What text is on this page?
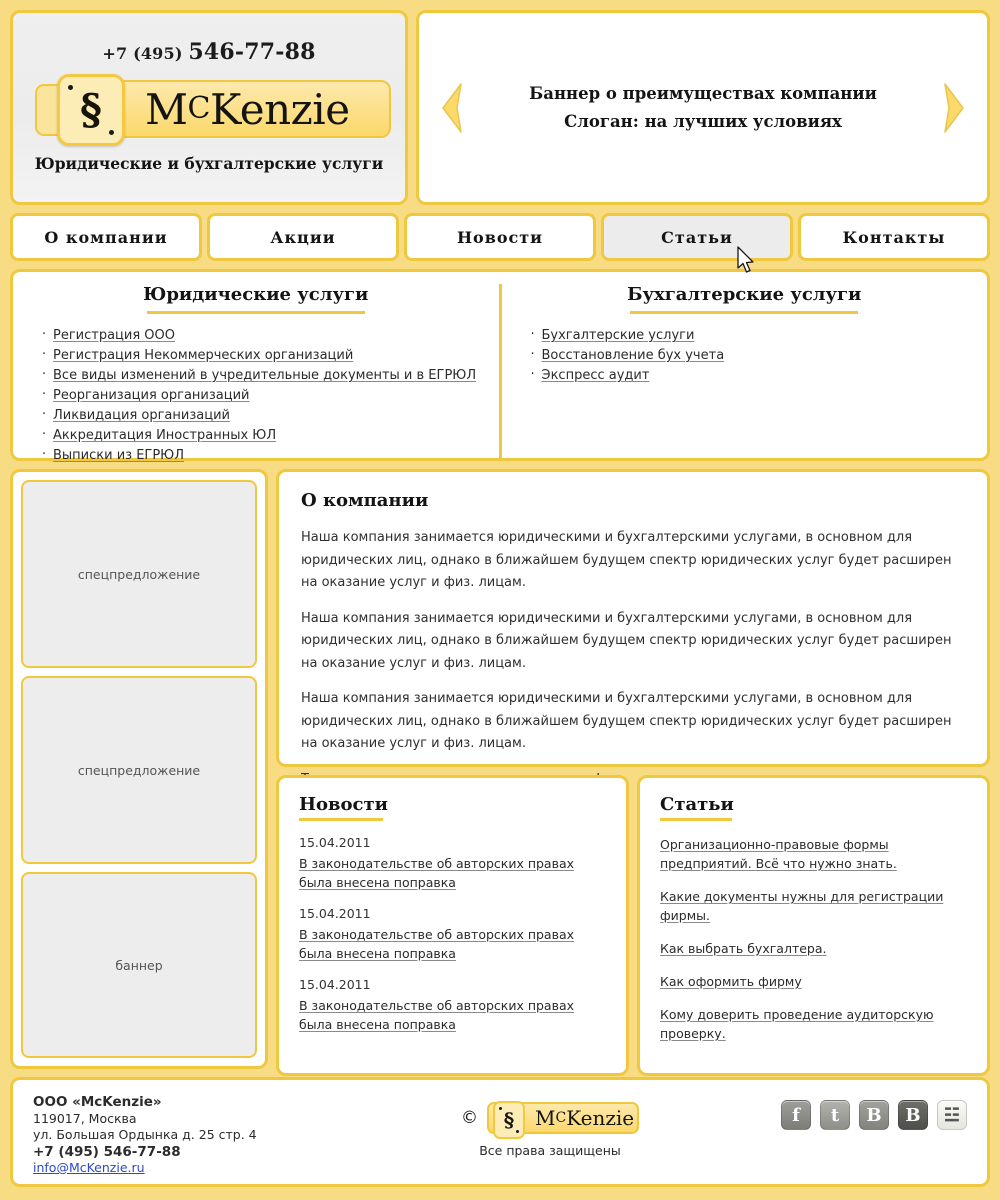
+7 (495) 546-77-88
§	$M^CKenzie$
Юридические и бухгалтерские услуги
Баннер о преимуществах компании
Слоган: на лучших условиях
О компании	Акции	Новости	Статьи	Контакты
Юридические услуги
· Регистрация ООО
· Регистрация Некоммерческих организаций
· Все виды изменений в учредительные документы и в ЕГРЮЛ
· Реорганизация организаций
· Ликвидация организаций
· Аккредитация Иностранных ЮЛ
· Выписки из ЕГРЮЛ
Бухгалтерские услуги
· Бухгалтерские услуги
· Восстановление бух учета
· Экспресс аудит
спецпредложение
спецпредложение
баннер
О компании

Наша компания занимается юридическими и бухгалтерскими услугами, в основном для юридических лиц, однако в ближайшем будущем спектр юридических услуг будет расширен на оказание услуг и физ. лицам.

Наша компания занимается юридическими и бухгалтерскими услугами, в основном для юридических лиц, однако в ближайшем будущем спектр юридических услуг будет расширен на оказание услуг и физ. лицам.

Наша компания занимается юридическими и бухгалтерскими услугами, в основном для юридических лиц, однако в ближайшем будущем спектр юридических услуг будет расширен на оказание услуг и физ. лицам.

Новости
15.04.2011
В законодательстве об авторских правах была внесена поправка
15.04.2011
В законодательстве об авторских правах была внесена поправка
15.04.2011
В законодательстве об авторских правах была внесена поправка
Статьи
Организационно-правовые формы предприятий. Всё что нужно знать.
Какие документы нужны для регистрации фирмы.
Как выбрать бухгалтера.
Как оформить фирму
Кому доверить проведение аудиторскую проверку.
ООО «McKenzie»
119017, Москва
ул. Большая Ордынка д. 25 стр. 4
+7 (495) 546-77-88
info@McKenzie.ru
©	§	$M^CKenzie$
Все права защищены
f	t	B	B	☳
